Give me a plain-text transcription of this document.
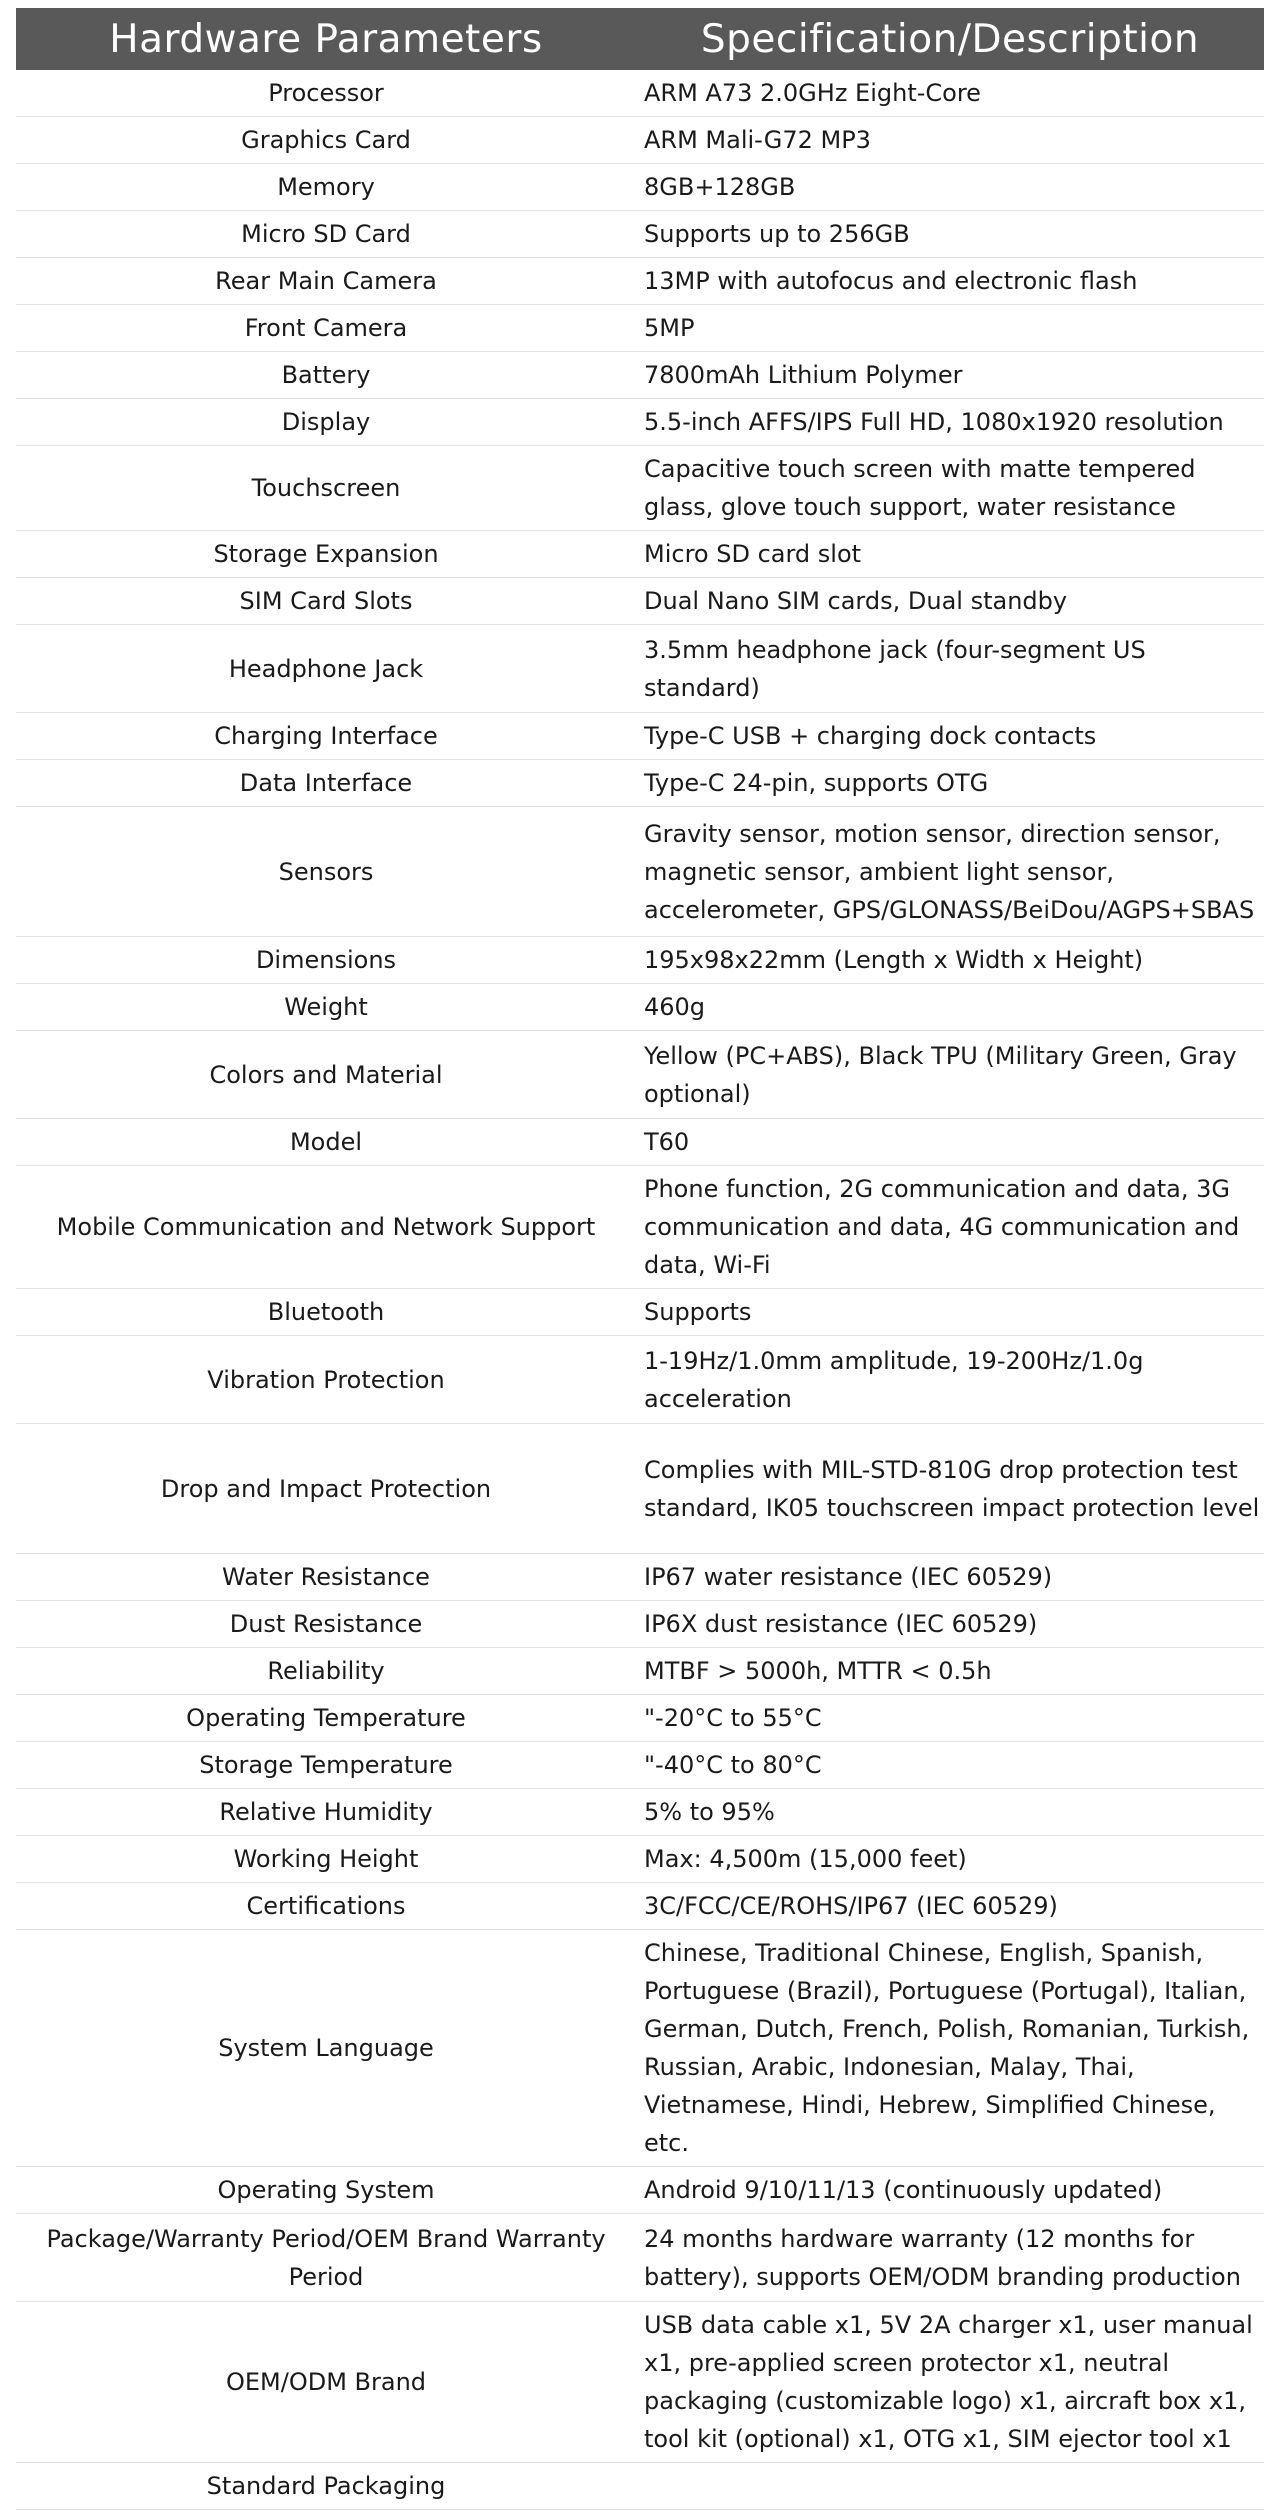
Hardware Parameters	Specification/Description
Processor	ARM A73 2.0GHz Eight-Core
Graphics Card	ARM Mali-G72 MP3
Memory	8GB+128GB
Micro SD Card	Supports up to 256GB
Rear Main Camera	13MP with autofocus and electronic flash
Front Camera	5MP
Battery	7800mAh Lithium Polymer
Display	5.5-inch AFFS/IPS Full HD, 1080x1920 resolution
Touchscreen	Capacitive touch screen with matte tempered glass, glove touch support, water resistance
Storage Expansion	Micro SD card slot
SIM Card Slots	Dual Nano SIM cards, Dual standby
Headphone Jack	3.5mm headphone jack (four-segment US standard)
Charging Interface	Type-C USB + charging dock contacts
Data Interface	Type-C 24-pin, supports OTG
Sensors	Gravity sensor, motion sensor, direction sensor, magnetic sensor, ambient light sensor, accelerometer, GPS/GLONASS/BeiDou/AGPS+SBAS

Dimensions	195x98x22mm (Length x Width x Height)
Weight	460g
Colors and Material	Yellow (PC+ABS), Black TPU (Military Green, Gray optional)
Model	T60
Mobile Communication and Network Support	Phone function, 2G communication and data, 3G communication and data, 4G communication and data, Wi-Fi
Bluetooth	Supports
Vibration Protection	1-19Hz/1.0mm amplitude, 19-200Hz/1.0g acceleration
Drop and Impact Protection	Complies with MIL-STD-810G drop protection test standard, IK05 touchscreen impact protection level
Water Resistance	IP67 water resistance (IEC 60529)
Dust Resistance	IP6X dust resistance (IEC 60529)
Reliability	MTBF > 5000h, MTTR < 0.5h
Operating Temperature	"-20°C to 55°C
Storage Temperature	"-40°C to 80°C
Relative Humidity	5% to 95%
Working Height	Max: 4,500m (15,000 feet)
Certifications	3C/FCC/CE/ROHS/IP67 (IEC 60529)
System Language	Chinese, Traditional Chinese, English, Spanish, Portuguese (Brazil), Portuguese (Portugal), Italian, German, Dutch, French, Polish, Romanian, Turkish, Russian, Arabic, Indonesian, Malay, Thai, Vietnamese, Hindi, Hebrew, Simplified Chinese, etc.
Operating System	Android 9/10/11/13 (continuously updated)
Package/Warranty Period/OEM Brand Warranty Period	24 months hardware warranty (12 months for battery), supports OEM/ODM branding production
OEM/ODM Brand	USB data cable x1, 5V 2A charger x1, user manual x1, pre-applied screen protector x1, neutral packaging (customizable logo) x1, aircraft box x1, tool kit (optional) x1, OTG x1, SIM ejector tool x1
Standard Packaging	
